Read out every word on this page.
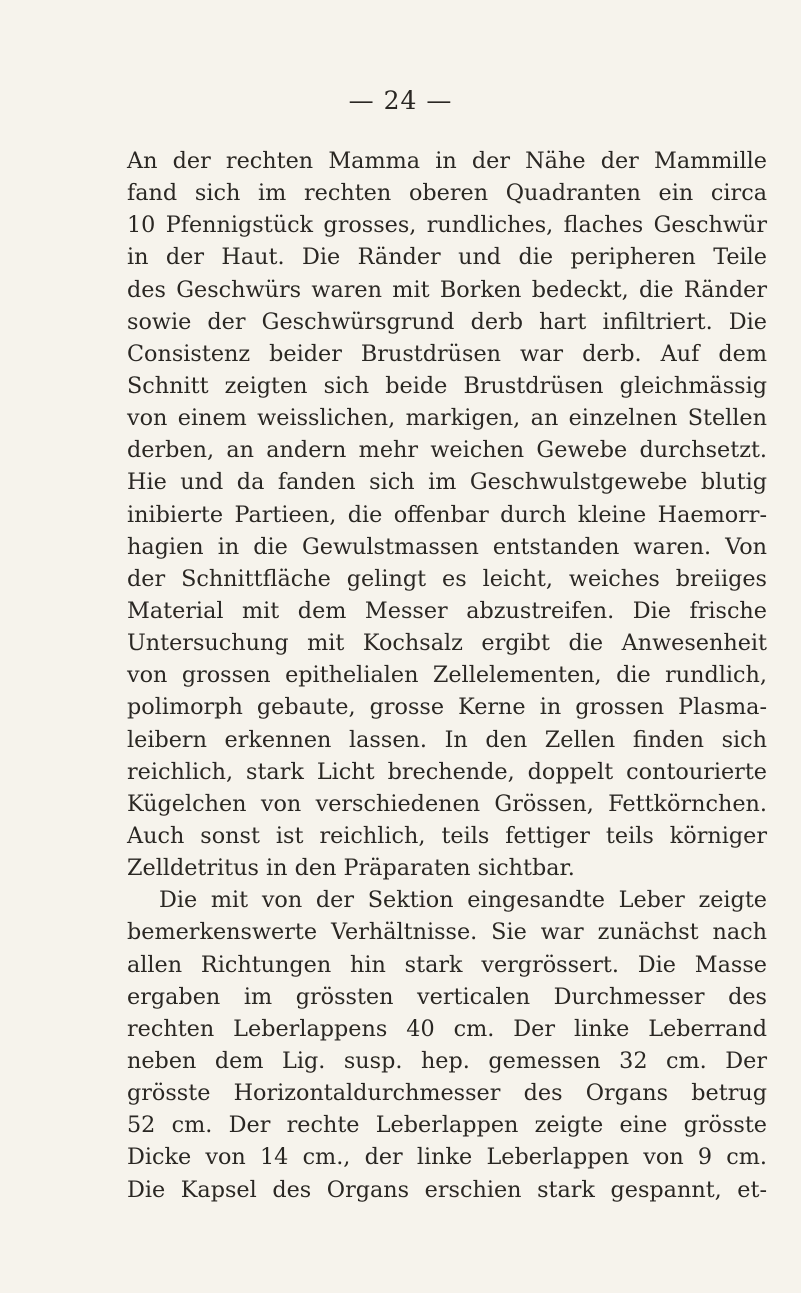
— 24 —
An der rechten Mamma in der Nähe der Mammille
fand sich im rechten oberen Quadranten ein circa
10 Pfennigstück grosses, rundliches, flaches Geschwür
in der Haut. Die Ränder und die peripheren Teile
des Geschwürs waren mit Borken bedeckt, die Ränder
sowie der Geschwürsgrund derb hart infiltriert. Die
Consistenz beider Brustdrüsen war derb. Auf dem
Schnitt zeigten sich beide Brustdrüsen gleichmässig
von einem weisslichen, markigen, an einzelnen Stellen
derben, an andern mehr weichen Gewebe durchsetzt.
Hie und da fanden sich im Geschwulstgewebe blutig
inibierte Partieen, die offenbar durch kleine Haemorr-
hagien in die Gewulstmassen entstanden waren. Von
der Schnittfläche gelingt es leicht, weiches breiiges
Material mit dem Messer abzustreifen. Die frische
Untersuchung mit Kochsalz ergibt die Anwesenheit
von grossen epithelialen Zellelementen, die rundlich,
polimorph gebaute, grosse Kerne in grossen Plasma-
leibern erkennen lassen. In den Zellen finden sich
reichlich, stark Licht brechende, doppelt contourierte
Kügelchen von verschiedenen Grössen, Fettkörnchen.
Auch sonst ist reichlich, teils fettiger teils körniger
Zelldetritus in den Präparaten sichtbar.
Die mit von der Sektion eingesandte Leber zeigte
bemerkenswerte Verhältnisse. Sie war zunächst nach
allen Richtungen hin stark vergrössert. Die Masse
ergaben im grössten verticalen Durchmesser des
rechten Leberlappens 40 cm. Der linke Leberrand
neben dem Lig. susp. hep. gemessen 32 cm. Der
grösste Horizontaldurchmesser des Organs betrug
52 cm. Der rechte Leberlappen zeigte eine grösste
Dicke von 14 cm., der linke Leberlappen von 9 cm.
Die Kapsel des Organs erschien stark gespannt, et-
